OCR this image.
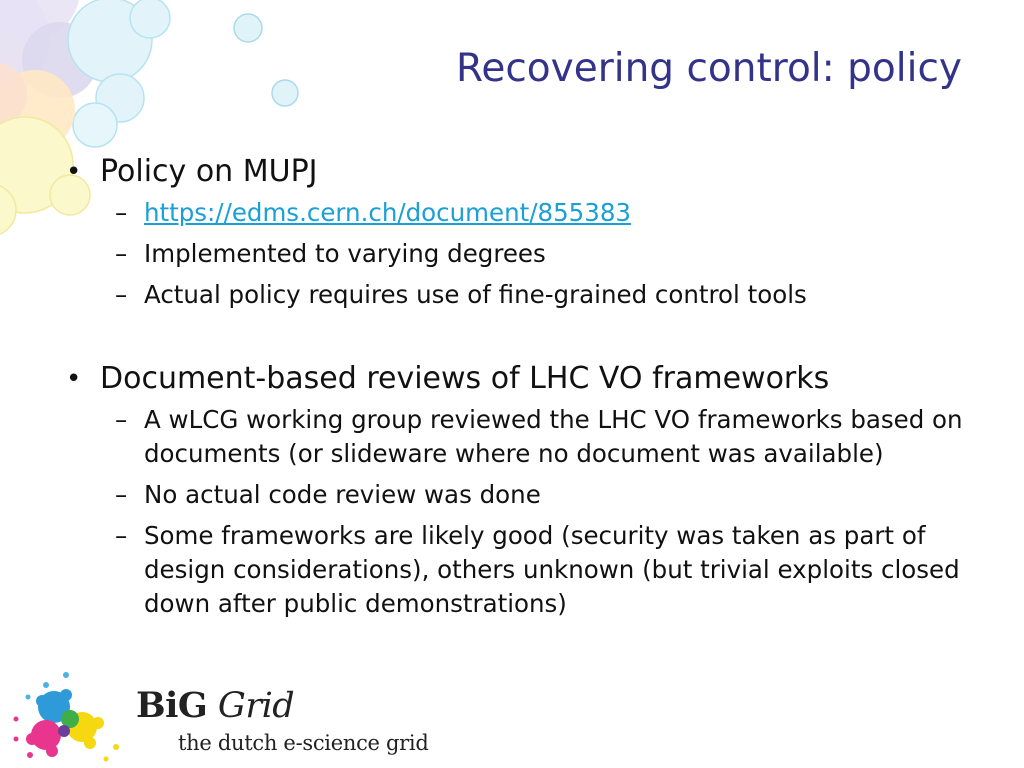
Recovering control: policy
• Policy on MUPJ
– https://edms.cern.ch/document/855383
– Implemented to varying degrees
– Actual policy requires use of fine-grained control tools
• Document-based reviews of LHC VO frameworks
– A wLCG working group reviewed the LHC VO frameworks based on documents (or slideware where no document was available)
– No actual code review was done
– Some frameworks are likely good (security was taken as part of design considerations), others unknown (but trivial exploits closed down after public demonstrations)
BiG Grid
the dutch e-science grid
